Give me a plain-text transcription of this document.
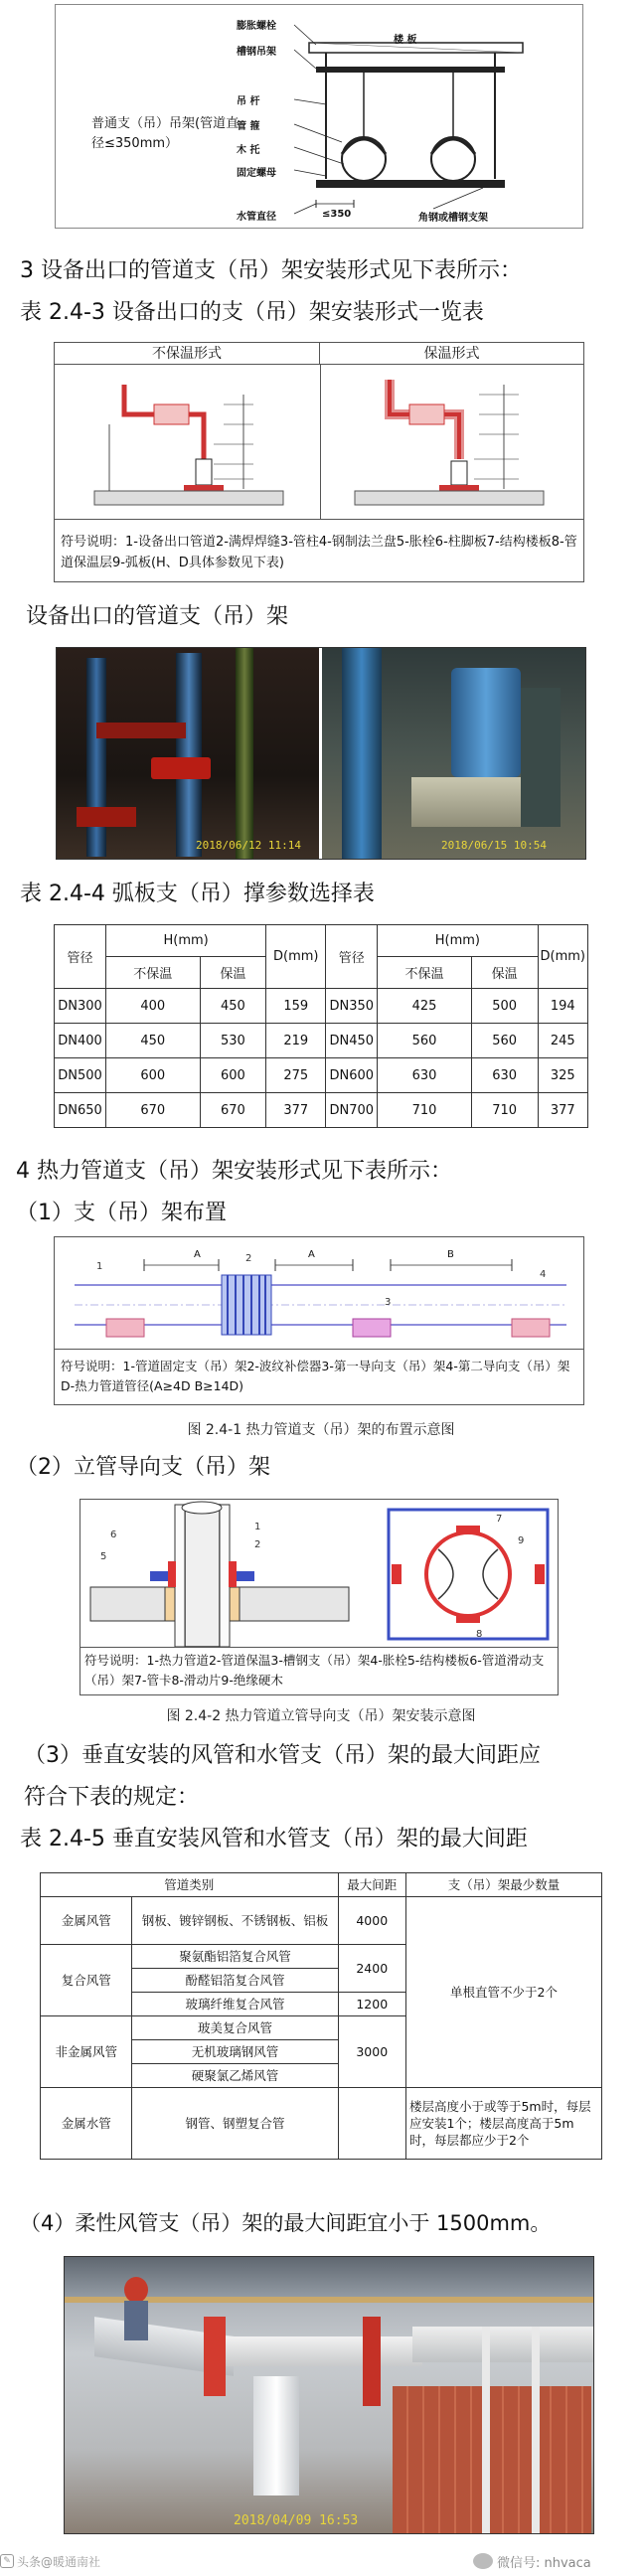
普通支（吊）吊架(管道直径≤350mm）
膨胀螺栓
槽钢吊架
吊 杆
管 箍
木 托
固定螺母
水管直径
楼 板
≤350	角钢或槽钢支架
3 设备出口的管道支（吊）架安装形式见下表所示：
表 2.4-3 设备出口的支（吊）架安装形式一览表
不保温形式	保温形式
符号说明：1-设备出口管道2-满焊焊缝3-管柱4-钢制法兰盘5-胀栓6-柱脚板7-结构楼板8-管道保温层9-弧板(H、D具体参数见下表)
设备出口的管道支（吊）架
2018/06/12 11:14	2018/06/15 10:54
表 2.4-4 弧板支（吊）撑参数选择表
管径	H(mm)		D(mm)	管径	H(mm)		D(mm)
	不保温	保温			不保温	保温	
DN300	400	450	159	DN350	425	500	194
DN400	450	530	219	DN450	560	560	245
DN500	600	600	275	DN600	630	630	325
DN650	670	670	377	DN700	710	710	377
4 热力管道支（吊）架安装形式见下表所示：
（1）支（吊）架布置
1
2
3
4
A	A	B
符号说明：1-管道固定支（吊）架2-波纹补偿器3-第一导向支（吊）架4-第二导向支（吊）架D-热力管道管径(A≥4D B≥14D)
图 2.4-1 热力管道支（吊）架的布置示意图
（2）立管导向支（吊）架
7
9
8
6
5
1
2
符号说明：1-热力管道2-管道保温3-槽钢支（吊）架4-胀栓5-结构楼板6-管道滑动支（吊）架7-管卡8-滑动片9-绝缘硬木
图 2.4-2 热力管道立管导向支（吊）架安装示意图
（3）垂直安装的风管和水管支（吊）架的最大间距应
符合下表的规定：
表 2.4-5 垂直安装风管和水管支（吊）架的最大间距
管道类别		最大间距	支（吊）架最少数量
金属风管	钢板、镀锌钢板、不锈钢板、铝板	4000	单根直管不少于2个
复合风管	聚氨酯铝箔复合风管	2400	
	酚醛铝箔复合风管		
	玻璃纤维复合风管	1200	
非金属风管	玻美复合风管	3000	
	无机玻璃钢风管		
	硬聚氯乙烯风管		
金属水管	钢管、钢塑复合管		楼层高度小于或等于5m时，每层应安装1个；楼层高度高于5m时，每层都应少于2个
（4）柔性风管支（吊）架的最大间距宜小于 1500mm。
2018/04/09 16:53
✎ 头条@暖通南社	微信号: nhvaca
